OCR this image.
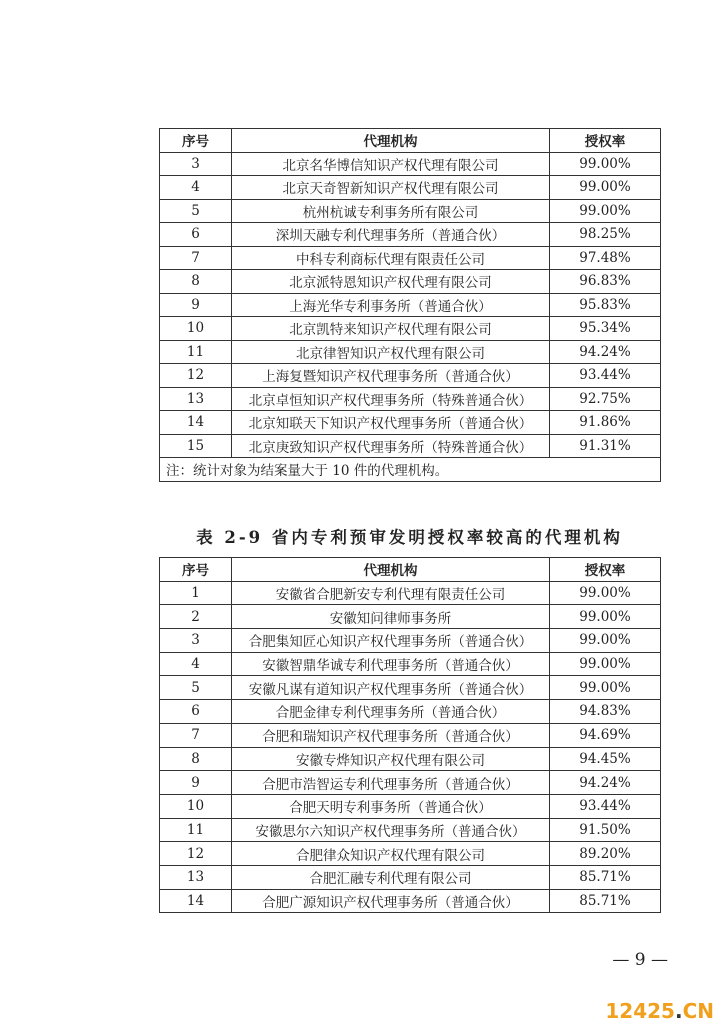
序号	代理机构	授权率
3	北京名华博信知识产权代理有限公司	99.00%
4	北京天奇智新知识产权代理有限公司	99.00%
5	杭州杭诚专利事务所有限公司	99.00%
6	深圳天融专利代理事务所（普通合伙）	98.25%
7	中科专利商标代理有限责任公司	97.48%
8	北京派特恩知识产权代理有限公司	96.83%
9	上海光华专利事务所（普通合伙）	95.83%
10	北京凯特来知识产权代理有限公司	95.34%
11	北京律智知识产权代理有限公司	94.24%
12	上海复暨知识产权代理事务所（普通合伙）	93.44%
13	北京卓恒知识产权代理事务所（特殊普通合伙）	92.75%
14	北京知联天下知识产权代理事务所（普通合伙）	91.86%
15	北京庚致知识产权代理事务所（特殊普通合伙）	91.31%
注：统计对象为结案量大于 10 件的代理机构。		
表 2-9 省内专利预审发明授权率较高的代理机构
序号	代理机构	授权率
1	安徽省合肥新安专利代理有限责任公司	99.00%
2	安徽知问律师事务所	99.00%
3	合肥集知匠心知识产权代理事务所（普通合伙）	99.00%
4	安徽智鼎华诚专利代理事务所（普通合伙）	99.00%
5	安徽凡谋有道知识产权代理事务所（普通合伙）	99.00%
6	合肥金律专利代理事务所（普通合伙）	94.83%
7	合肥和瑞知识产权代理事务所（普通合伙）	94.69%
8	安徽专烨知识产权代理有限公司	94.45%
9	合肥市浩智运专利代理事务所（普通合伙）	94.24%
10	合肥天明专利事务所（普通合伙）	93.44%
11	安徽思尔六知识产权代理事务所（普通合伙）	91.50%
12	合肥律众知识产权代理有限公司	89.20%
13	合肥汇融专利代理有限公司	85.71%
14	合肥广源知识产权代理事务所（普通合伙）	85.71%
— 9 —
12425.CN
